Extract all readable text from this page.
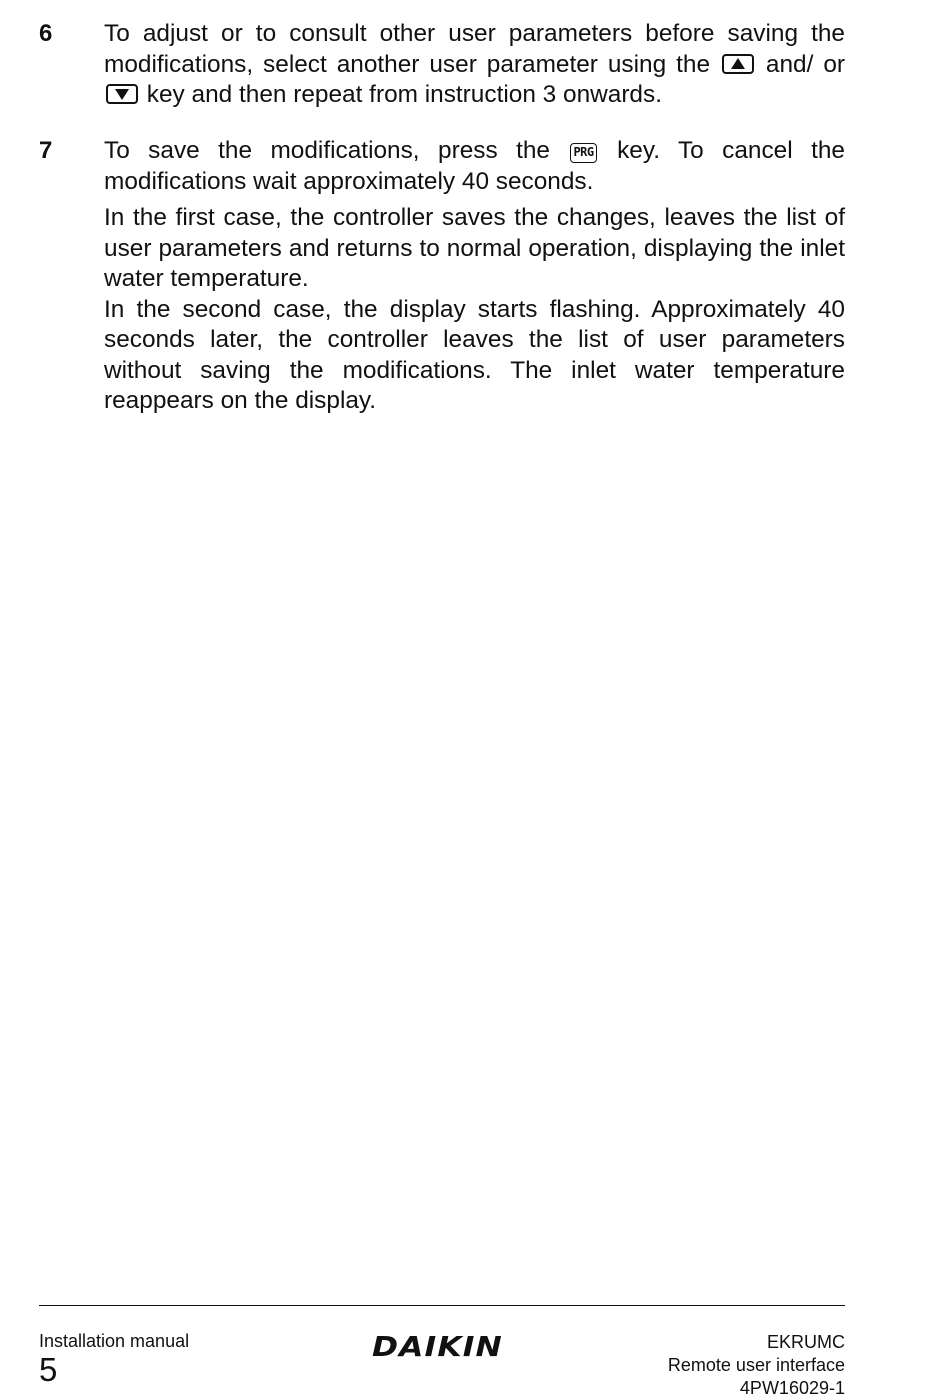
6 To adjust or to consult other user parameters before saving the modifications, select another user parameter using the and/ or
key and then repeat from instruction 3 onwards.

7 To save the modifications, press the PRG key. To cancel the modifications wait approximately 40 seconds.

In the first case, the controller saves the changes, leaves the list of user parameters and returns to normal operation, displaying the inlet water temperature.

In the second case, the display starts flashing. Approximately 40 seconds later, the controller leaves the list of user parameters without saving the modifications. The inlet water temperature reappears on the display.

Installation manual
5
DAIKIN	EKRUMC
Remote user interface
4PW16029-1
